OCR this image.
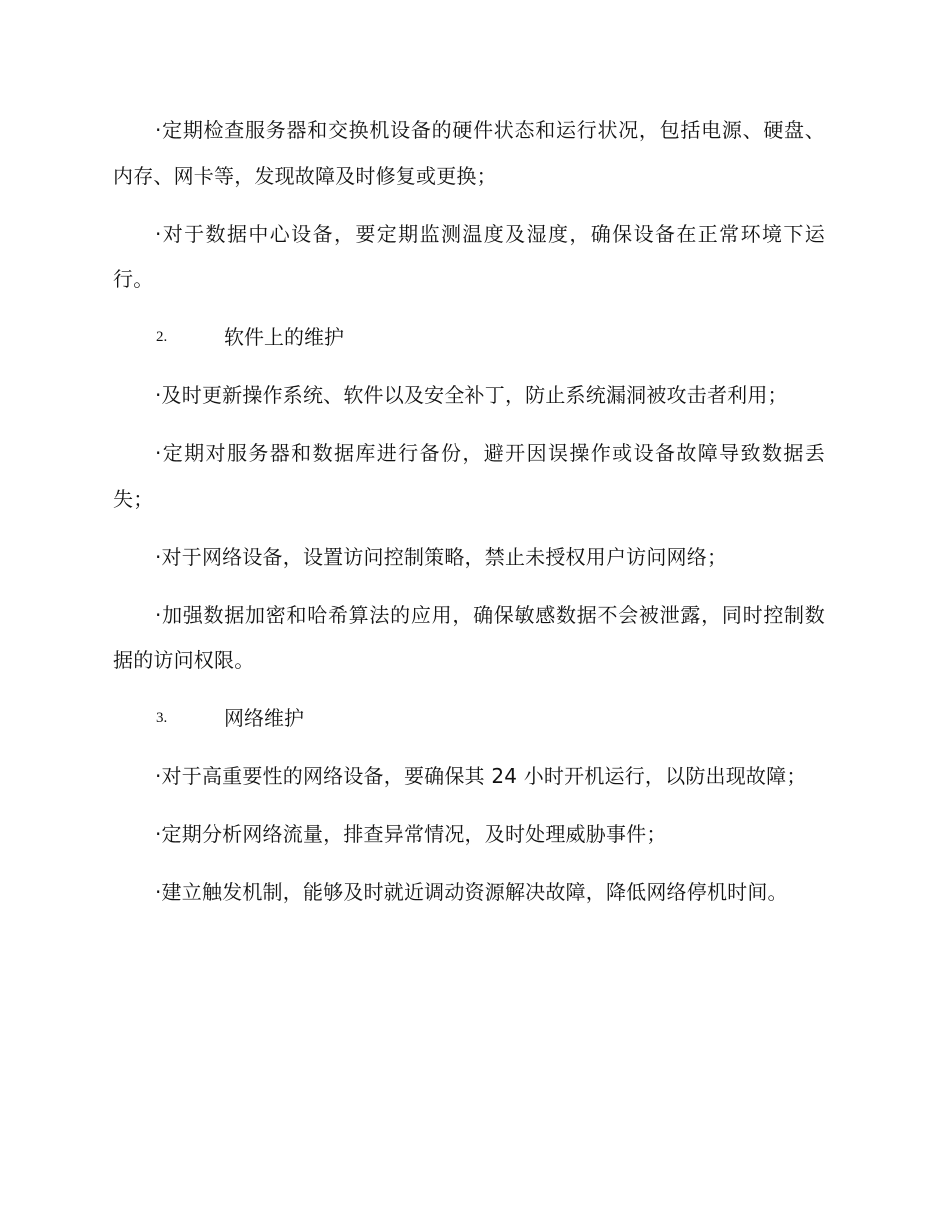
·定期检查服务器和交换机设备的硬件状态和运行状况，包括电源、硬盘、内存、网卡等，发现故障及时修复或更换；

·对于数据中心设备，要定期监测温度及湿度，确保设备在正常环境下运行。

2.	软件上的维护

·及时更新操作系统、软件以及安全补丁，防止系统漏洞被攻击者利用；

·定期对服务器和数据库进行备份，避开因误操作或设备故障导致数据丢失；

·对于网络设备，设置访问控制策略，禁止未授权用户访问网络；

·加强数据加密和哈希算法的应用，确保敏感数据不会被泄露，同时控制数据的访问权限。

3.	网络维护

·对于高重要性的网络设备，要确保其 24 小时开机运行，以防出现故障；

·定期分析网络流量，排查异常情况，及时处理威胁事件；

·建立触发机制，能够及时就近调动资源解决故障，降低网络停机时间。
